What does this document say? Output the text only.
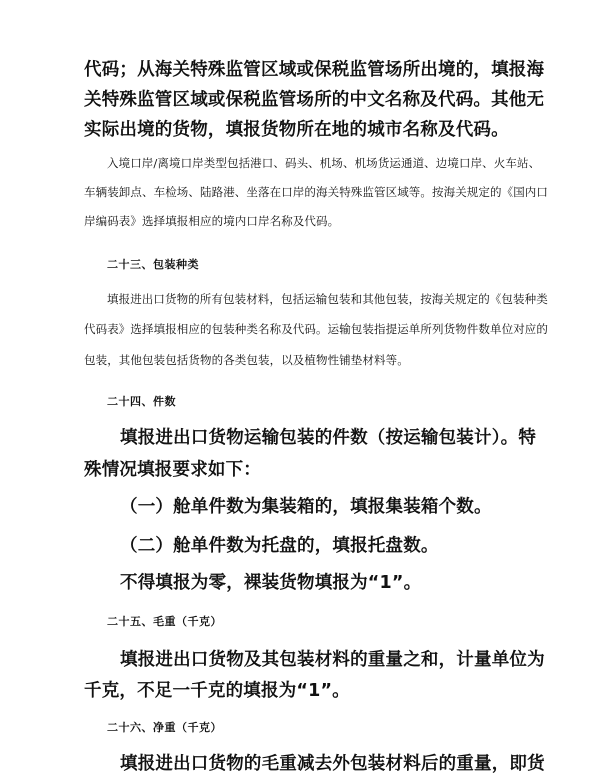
代码；从海关特殊监管区域或保税监管场所出境的，填报海

关特殊监管区域或保税监管场所的中文名称及代码。其他无

实际出境的货物，填报货物所在地的城市名称及代码。

入境口岸/离境口岸类型包括港口、码头、机场、机场货运通道、边境口岸、火车站、

车辆装卸点、车检场、陆路港、坐落在口岸的海关特殊监管区域等。按海关规定的《国内口

岸编码表》选择填报相应的境内口岸名称及代码。

二十三、包装种类

填报进出口货物的所有包装材料，包括运输包装和其他包装，按海关规定的《包装种类

代码表》选择填报相应的包装种类名称及代码。运输包装指提运单所列货物件数单位对应的

包装，其他包装包括货物的各类包装，以及植物性铺垫材料等。

二十四、件数

填报进出口货物运输包装的件数（按运输包装计）。特

殊情况填报要求如下：

（一）舱单件数为集装箱的，填报集装箱个数。

（二）舱单件数为托盘的，填报托盘数。

不得填报为零，裸装货物填报为“1”。

二十五、毛重（千克）

填报进出口货物及其包装材料的重量之和，计量单位为

千克，不足一千克的填报为“1”。

二十六、净重（千克）

填报进出口货物的毛重减去外包装材料后的重量，即货
